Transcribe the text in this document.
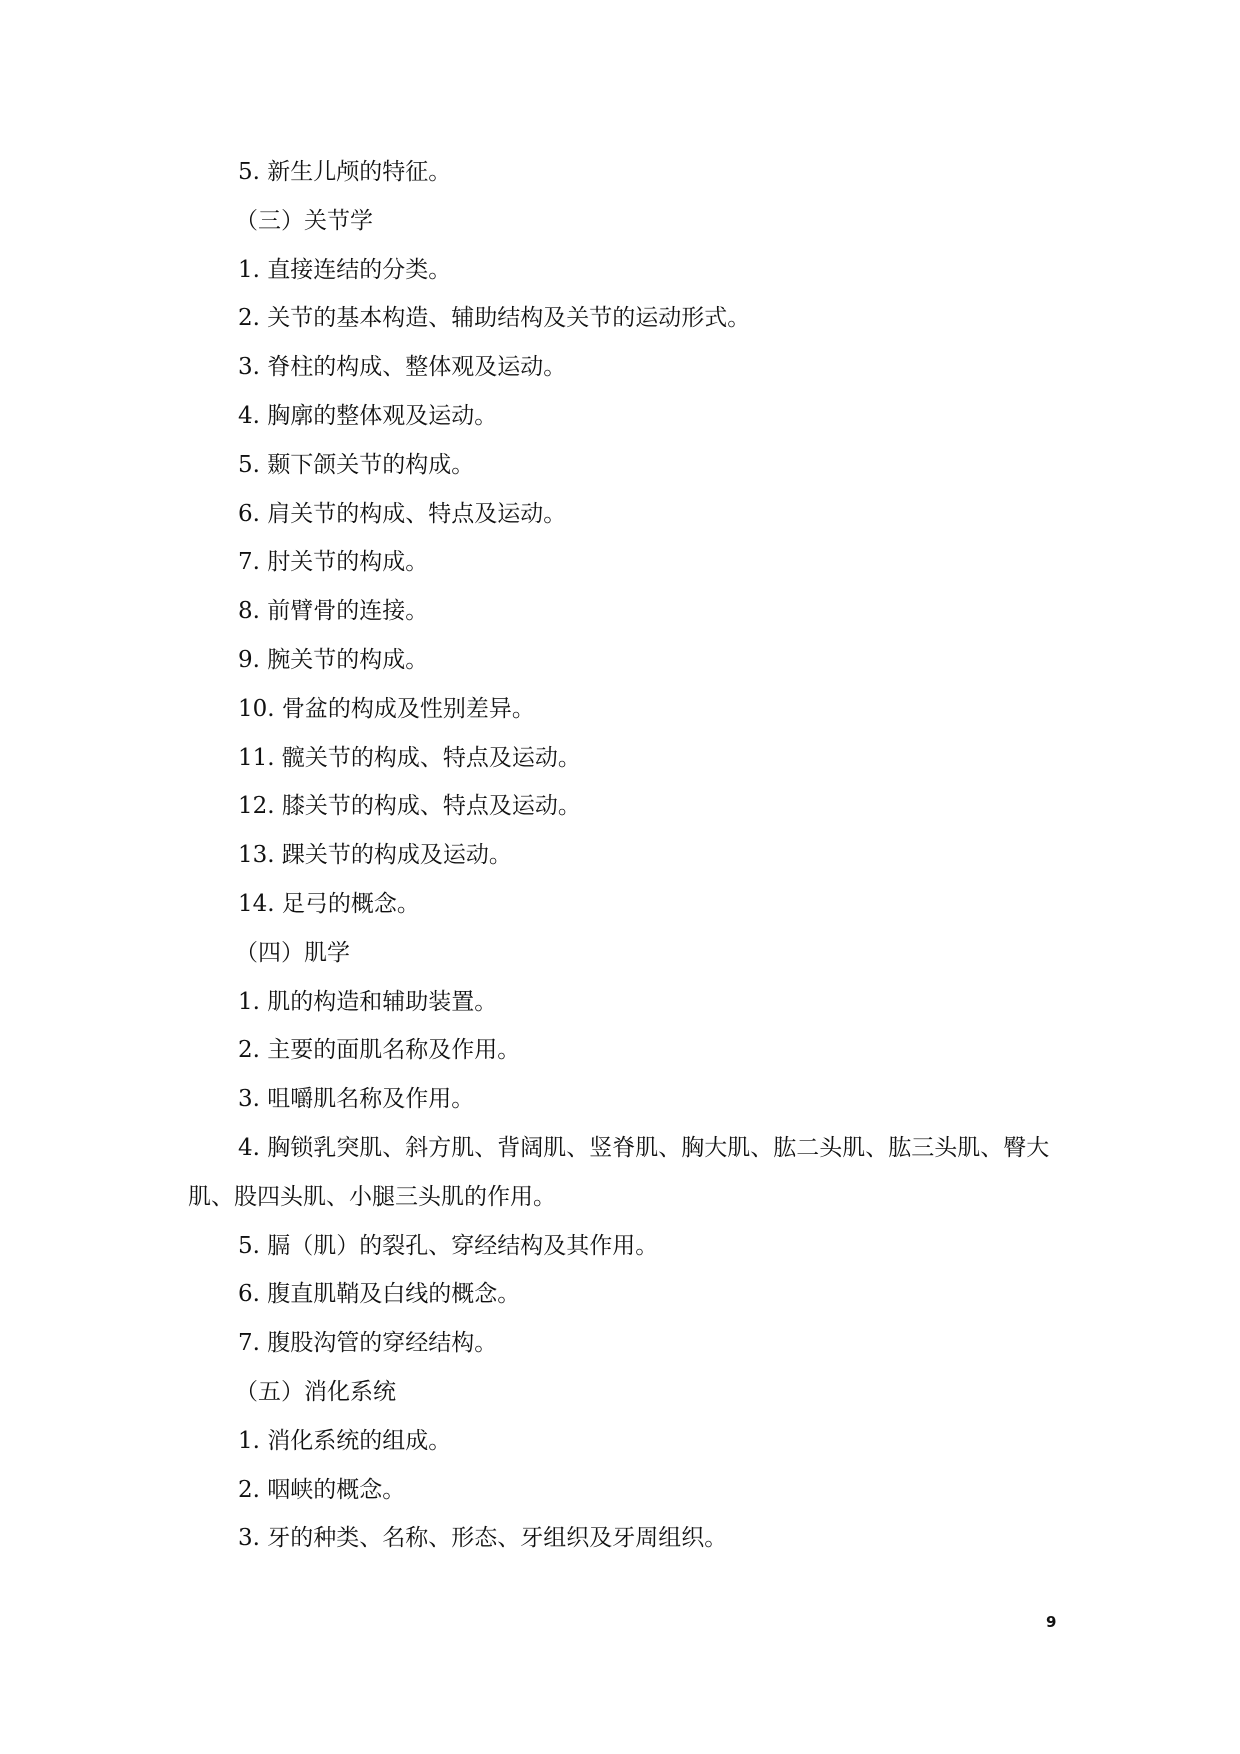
5. 新生儿颅的特征。
（三）关节学
1. 直接连结的分类。
2. 关节的基本构造、辅助结构及关节的运动形式。
3. 脊柱的构成、整体观及运动。
4. 胸廓的整体观及运动。
5. 颞下颌关节的构成。
6. 肩关节的构成、特点及运动。
7. 肘关节的构成。
8. 前臂骨的连接。
9. 腕关节的构成。
10. 骨盆的构成及性别差异。
11. 髋关节的构成、特点及运动。
12. 膝关节的构成、特点及运动。
13. 踝关节的构成及运动。
14. 足弓的概念。
（四）肌学
1. 肌的构造和辅助装置。
2. 主要的面肌名称及作用。
3. 咀嚼肌名称及作用。
4. 胸锁乳突肌、斜方肌、背阔肌、竖脊肌、胸大肌、肱二头肌、肱三头肌、臀大肌、股四头肌、小腿三头肌的作用。
5. 膈（肌）的裂孔、穿经结构及其作用。
6. 腹直肌鞘及白线的概念。
7. 腹股沟管的穿经结构。
（五）消化系统
1. 消化系统的组成。
2. 咽峡的概念。
3. 牙的种类、名称、形态、牙组织及牙周组织。
9
